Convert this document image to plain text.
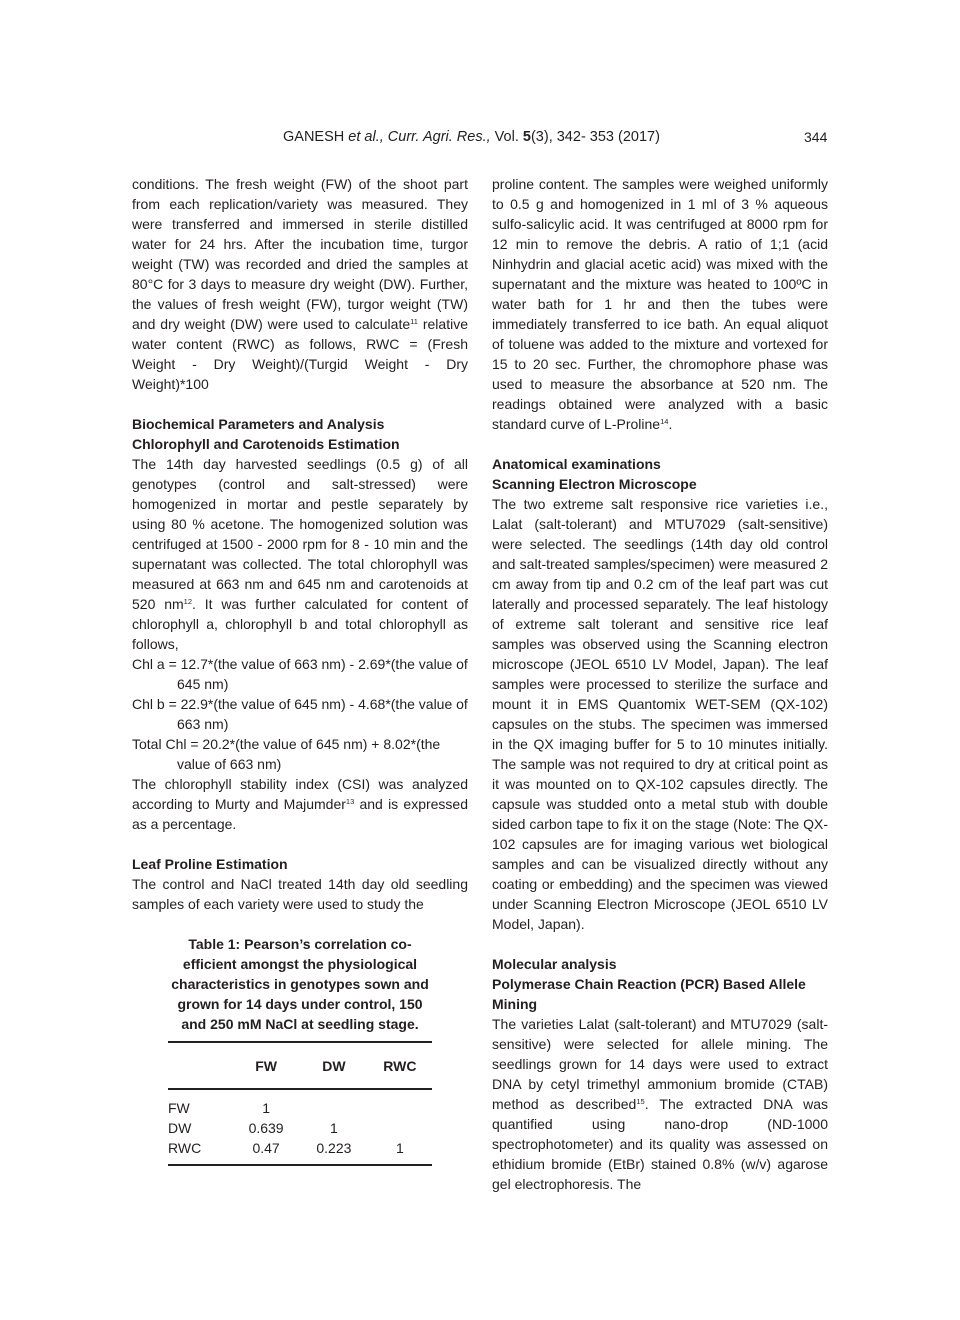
GANESH et al., Curr. Agri. Res., Vol. 5(3), 342- 353 (2017)	344

conditions. The fresh weight (FW) of the shoot part from each replication/variety was measured. They were transferred and immersed in sterile distilled water for 24 hrs. After the incubation time, turgor weight (TW) was recorded and dried the samples at 80°C for 3 days to measure dry weight (DW). Further, the values of fresh weight (FW), turgor weight (TW) and dry weight (DW) were used to calculate$^{11}$ relative water content (RWC) as follows, RWC = (Fresh Weight - Dry Weight)/(Turgid Weight - Dry Weight)*100

Biochemical Parameters and Analysis
Chlorophyll and Carotenoids Estimation

The 14th day harvested seedlings (0.5 g) of all genotypes (control and salt-stressed) were homogenized in mortar and pestle separately by using 80 % acetone. The homogenized solution was centrifuged at 1500 - 2000 rpm for 8 - 10 min and the supernatant was collected. The total chlorophyll was measured at 663 nm and 645 nm and carotenoids at 520 $nm^{12}$. It was further calculated for content of chlorophyll a, chlorophyll b and total chlorophyll as follows,

Chl a = 12.7*(the value of 663 nm) - 2.69*(the value of 645 nm)

Chl b = 22.9*(the value of 645 nm) - 4.68*(the value of 663 nm)

Total Chl = 20.2*(the value of 645 nm) + 8.02*(the value of 663 nm)

The chlorophyll stability index (CSI) was analyzed according to Murty and Majumder$^{13}$ and is expressed as a percentage.

Leaf Proline Estimation

The control and NaCl treated 14th day old seedling samples of each variety were used to study the

Table 1: Pearson’s correlation co-efficient amongst the physiological characteristics in genotypes sown and grown for 14 days under control, 150 and 250 mM NaCl at seedling stage.
	FW	DW	RWC
FW	1		
DW	0.639	1	
RWC	0.47	0.223	1

proline content. The samples were weighed uniformly to 0.5 g and homogenized in 1 ml of 3 % aqueous sulfo-salicylic acid. It was centrifuged at 8000 rpm for 12 min to remove the debris. A ratio of 1;1 (acid Ninhydrin and glacial acetic acid) was mixed with the supernatant and the mixture was heated to 100ºC in water bath for 1 hr and then the tubes were immediately transferred to ice bath. An equal aliquot of toluene was added to the mixture and vortexed for 15 to 20 sec. Further, the chromophore phase was used to measure the absorbance at 520 nm. The readings obtained were analyzed with a basic standard curve of L-Proline$^{14}$.

Anatomical examinations
Scanning Electron Microscope

The two extreme salt responsive rice varieties i.e., Lalat (salt-tolerant) and MTU7029 (salt-sensitive) were selected. The seedlings (14th day old control and salt-treated samples/specimen) were measured 2 cm away from tip and 0.2 cm of the leaf part was cut laterally and processed separately. The leaf histology of extreme salt tolerant and sensitive rice leaf samples was observed using the Scanning electron microscope (JEOL 6510 LV Model, Japan). The leaf samples were processed to sterilize the surface and mount it in EMS Quantomix WET-SEM (QX-102) capsules on the stubs. The specimen was immersed in the QX imaging buffer for 5 to 10 minutes initially. The sample was not required to dry at critical point as it was mounted on to QX-102 capsules directly. The capsule was studded onto a metal stub with double sided carbon tape to fix it on the stage (Note: The QX-102 capsules are for imaging various wet biological samples and can be visualized directly without any coating or embedding) and the specimen was viewed under Scanning Electron Microscope (JEOL 6510 LV Model, Japan).

Molecular analysis
Polymerase Chain Reaction (PCR) Based Allele Mining

The varieties Lalat (salt-tolerant) and MTU7029 (salt-sensitive) were selected for allele mining. The seedlings grown for 14 days were used to extract DNA by cetyl trimethyl ammonium bromide (CTAB) method as described$^{15}$. The extracted DNA was quantified using nano-drop (ND-1000 spectrophotometer) and its quality was assessed on ethidium bromide (EtBr) stained 0.8% (w/v) agarose gel electrophoresis. The
